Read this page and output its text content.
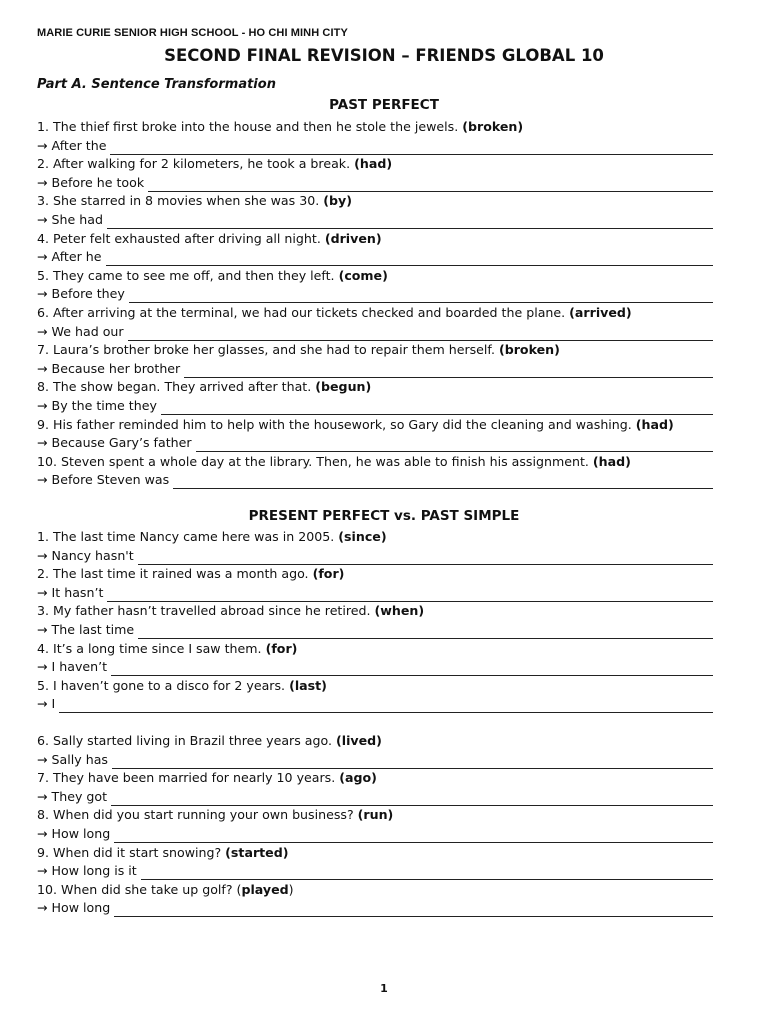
MARIE CURIE SENIOR HIGH SCHOOL - HO CHI MINH CITY
SECOND FINAL REVISION – FRIENDS GLOBAL 10
Part A. Sentence Transformation
PAST PERFECT
1. The thief first broke into the house and then he stole the jewels. (broken)
→ After the
2. After walking for 2 kilometers, he took a break. (had)
→ Before he took
3. She starred in 8 movies when she was 30. (by)
→ She had
4. Peter felt exhausted after driving all night. (driven)
→ After he
5. They came to see me off, and then they left. (come)
→ Before they
6. After arriving at the terminal, we had our tickets checked and boarded the plane. (arrived)
→ We had our
7. Laura’s brother broke her glasses, and she had to repair them herself. (broken)
→ Because her brother
8. The show began. They arrived after that. (begun)
→ By the time they
9. His father reminded him to help with the housework, so Gary did the cleaning and washing. (had)
→ Because Gary’s father
10. Steven spent a whole day at the library. Then, he was able to finish his assignment. (had)
→ Before Steven was
PRESENT PERFECT vs. PAST SIMPLE
1. The last time Nancy came here was in 2005. (since)
→ Nancy hasn't
2. The last time it rained was a month ago. (for)
→ It hasn’t
3. My father hasn’t travelled abroad since he retired. (when)
→ The last time
4. It’s a long time since I saw them. (for)
→ I haven’t
5. I haven’t gone to a disco for 2 years. (last)
→ I
6. Sally started living in Brazil three years ago. (lived)
→ Sally has
7. They have been married for nearly 10 years. (ago)
→ They got
8. When did you start running your own business? (run)
→ How long
9. When did it start snowing? (started)
→ How long is it
10. When did she take up golf? (played)
→ How long
1
